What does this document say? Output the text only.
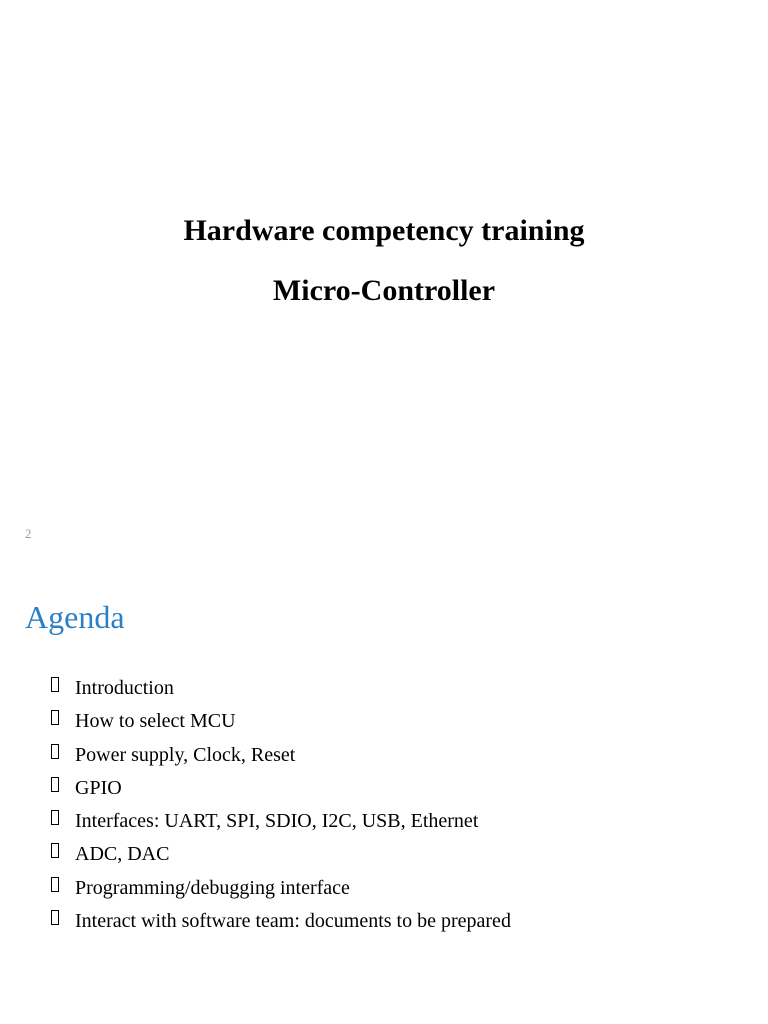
Hardware competency training
Micro-Controller
2
Agenda
Introduction
How to select MCU
Power supply, Clock, Reset
GPIO
Interfaces: UART, SPI, SDIO, I2C, USB, Ethernet
ADC, DAC
Programming/debugging interface
Interact with software team: documents to be prepared
